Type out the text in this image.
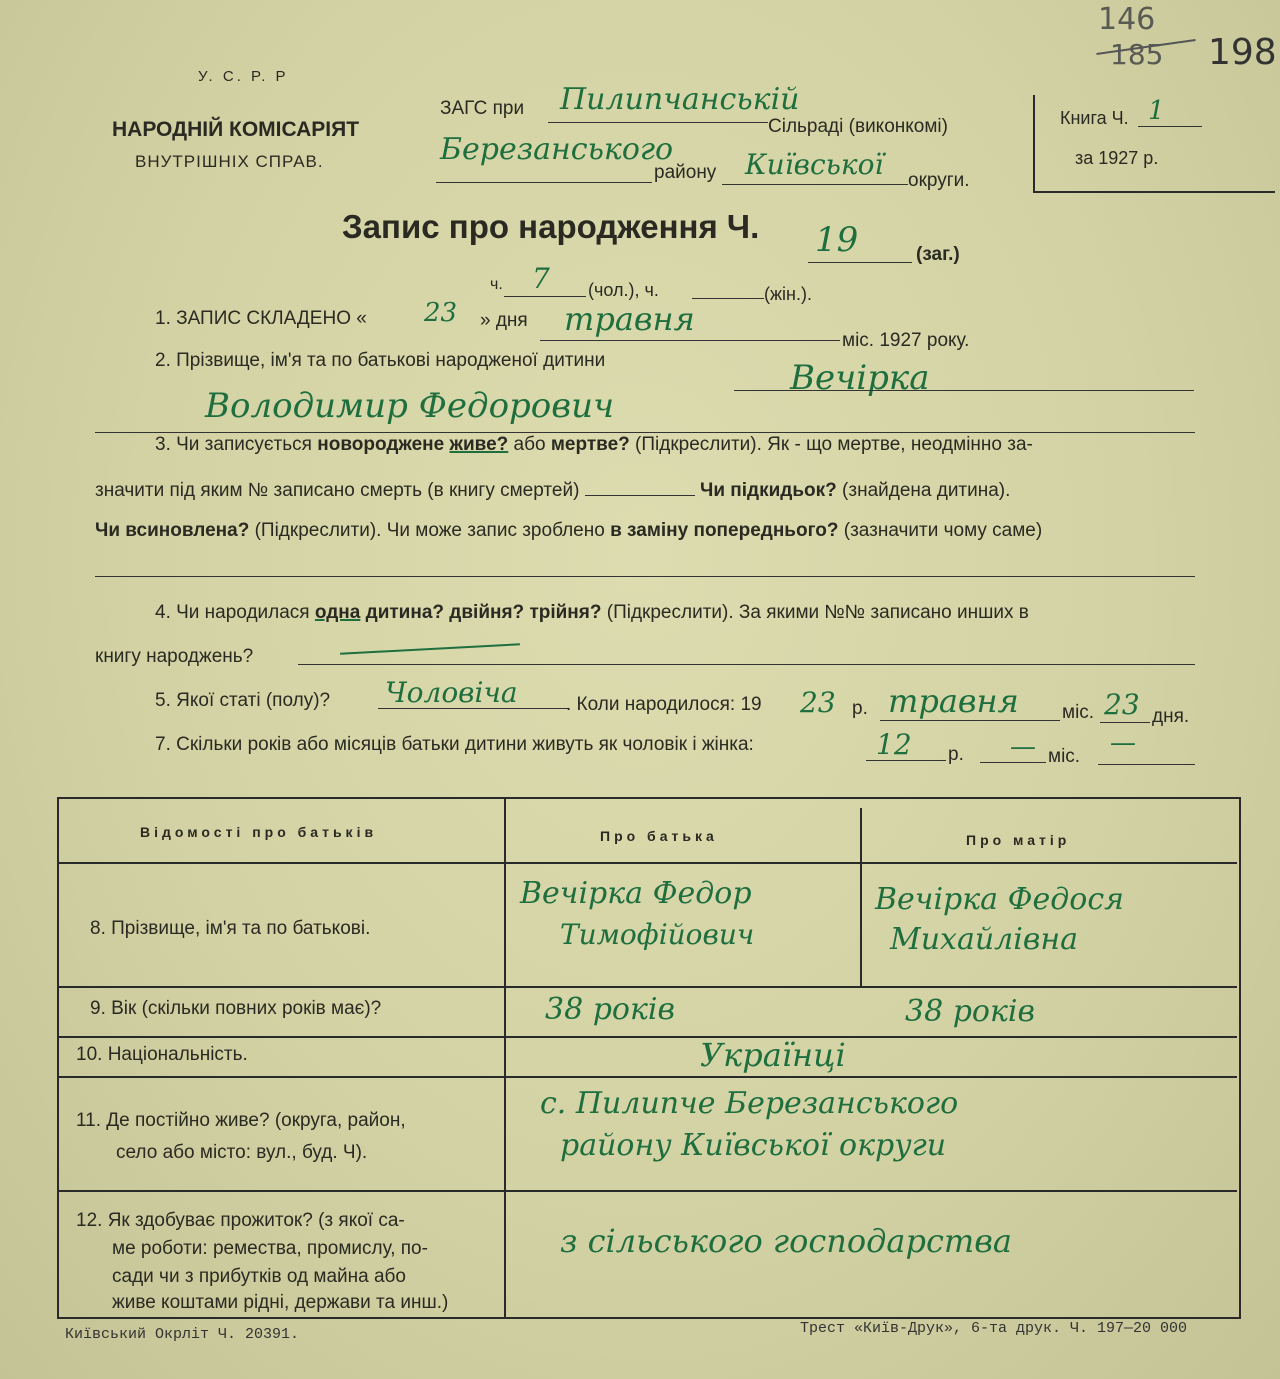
146
185 198
У. С. Р. Р
НАРОДНІЙ КОМІСАРІЯТ
ВНУТРІШНІХ СПРАВ.
ЗАГС при Пилипчанській
Сільраді (виконкомі)
Березанського
району Київської округи.
Книга Ч. 1
за 1927 р.
Запис про народження Ч. 19	(заг.)
ч. 7 (чол.), ч.	(жін.).
1. ЗАПИС СКЛАДЕНО « 23 » дня травня
міс. 1927 року.
2. Прізвище, ім'я та по батькові народженої дитини	Вечірка
Володимир Федорович
3. Чи записується новороджене живе? або мертве? (Підкреслити). Як - що мертве, неодмінно за-
значити під яким № записано смерть (в книгу смертей)	Чи підкидьок? (знайдена дитина).
Чи всиновлена? (Підкреслити). Чи може запис зроблено в заміну попереднього? (зазначити чому саме)
4. Чи народилася одна дитина? двійня? трійня? (Підкреслити). За якими №№ записано инших в
книгу народжень?
5. Якої статі (полу)? Чоловіча	. Коли народилося: 19 23 р. травня міс. 23 дня.
7. Скільки років або місяців батьки дитини живуть як чоловік і жінка:	12 р. — міс. —
Відомості про батьків	Про батька	Про матір
8. Прізвище, ім'я та по батькові.
Вечірка Федор
Тимофійович
Вечірка Федося
Михайлівна
9. Вік (скільки повних років має)?	38 років	38 років
10. Національність.	Українці
11. Де постійно живе? (округа, район,
село або місто: вул., буд. Ч).
с. Пилипче Березанського
району Київської округи
12. Як здобуває прожиток? (з якої са-
ме роботи: ремества, промислу, по-
сади чи з прибутків од майна або
живе коштами рідні, держави та инш.)
з сільського господарства
Київський Окрліт Ч. 20391.	Трест «Київ-Друк», 6-та друк. Ч. 197—20 000
